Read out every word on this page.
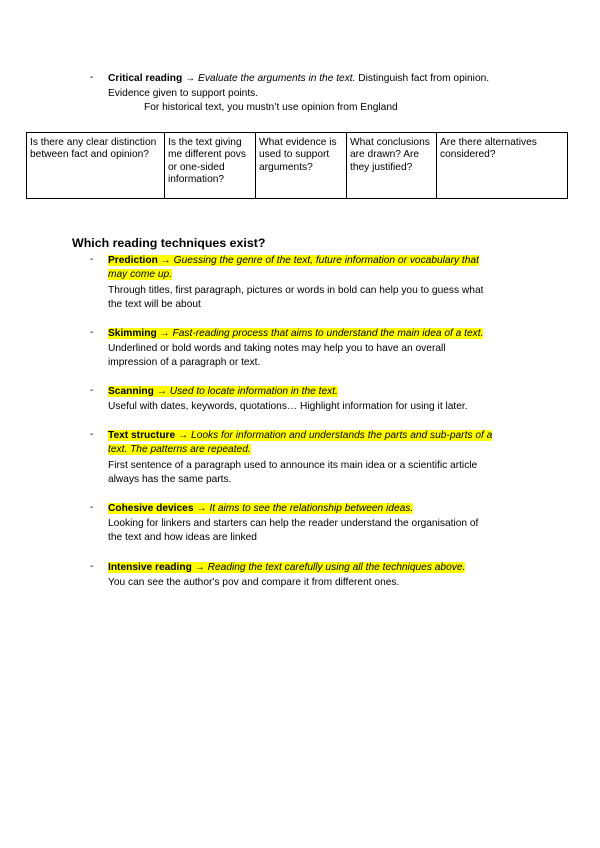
- Critical reading → Evaluate the arguments in the text. Distinguish fact from opinion.
Evidence given to support points.
For historical text, you mustn’t use opinion from England
Is there any clear distinction between fact and opinion?	Is the text giving me different povs or one-sided information?	What evidence is used to support arguments?	What conclusions are drawn? Are they justified?	Are there alternatives considered?
Which reading techniques exist?
- Prediction → Guessing the genre of the text, future information or vocabulary that
may come up.
Through titles, first paragraph, pictures or words in bold can help you to guess what
the text will be about
- Skimming → Fast-reading process that aims to understand the main idea of a text.
Underlined or bold words and taking notes may help you to have an overall
impression of a paragraph or text.
- Scanning → Used to locate information in the text.
Useful with dates, keywords, quotations… Highlight information for using it later.
- Text structure → Looks for information and understands the parts and sub-parts of a
text. The patterns are repeated.
First sentence of a paragraph used to announce its main idea or a scientific article
always has the same parts.
- Cohesive devices → It aims to see the relationship between ideas.
Looking for linkers and starters can help the reader understand the organisation of
the text and how ideas are linked
- Intensive reading → Reading the text carefully using all the techniques above.
You can see the author's pov and compare it from different ones.
